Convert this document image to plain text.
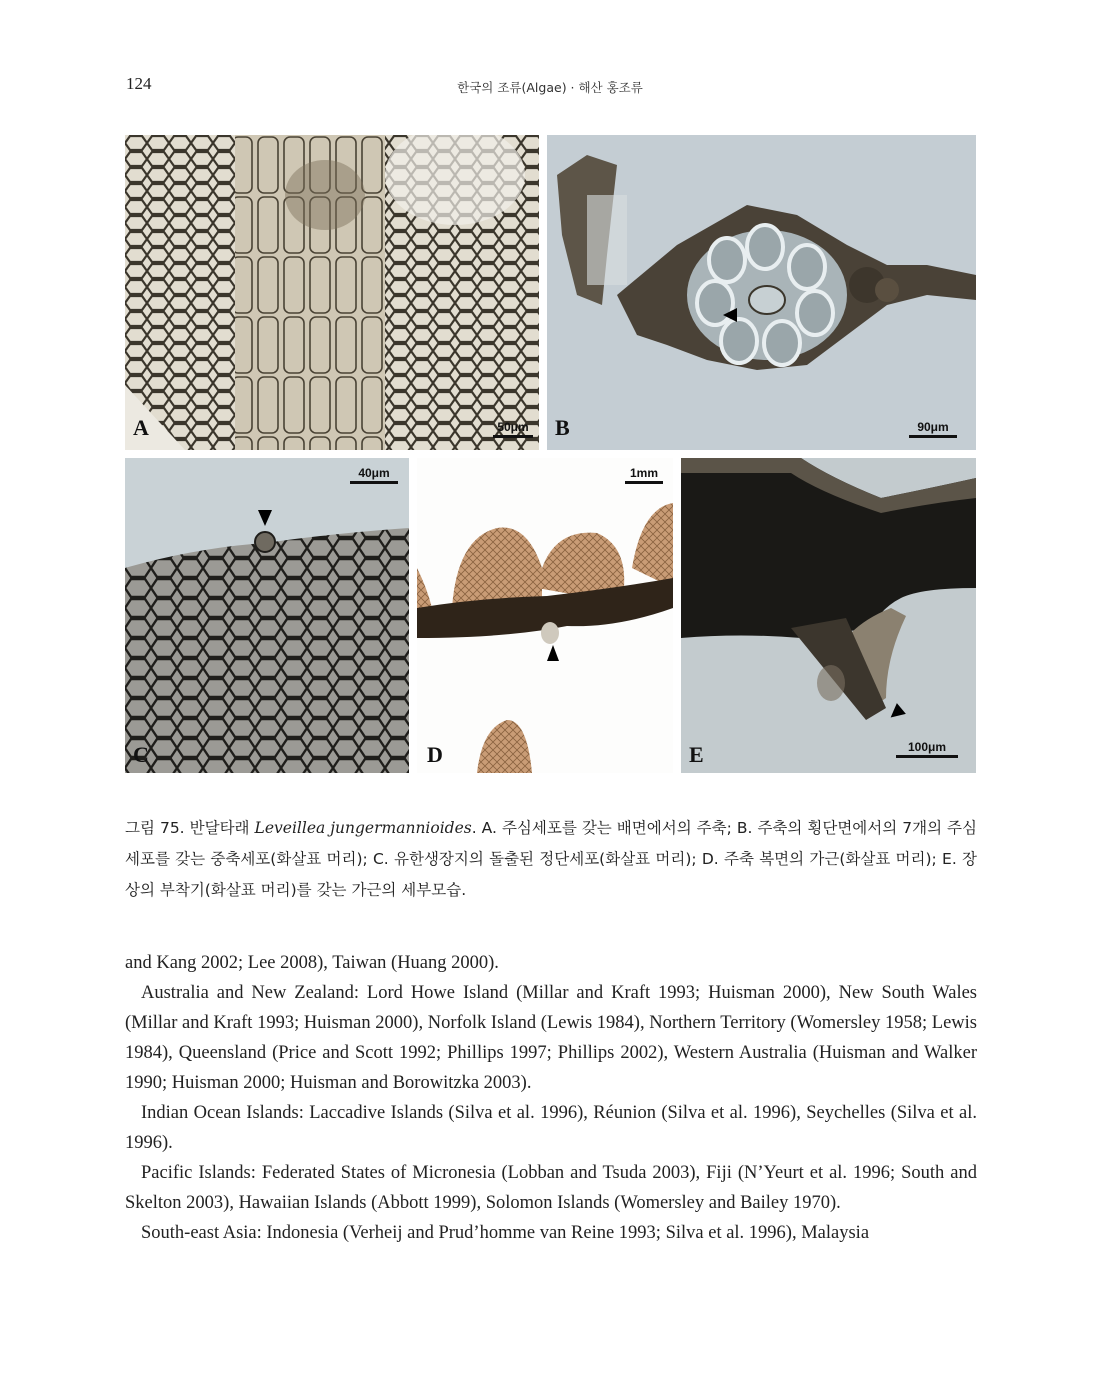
124	한국의 조류(Algae) · 해산 홍조류
A	50μm B	90μm
C
40μm
D
1mm
E	100μm

그림 75. 반달타래 Leveillea jungermannioides. A. 주심세포를 갖는 배면에서의 주축; B. 주축의 횡단면에서의 7개의 주심세포를 갖는 중축세포(화살표 머리); C. 유한생장지의 돌출된 정단세포(화살표 머리); D. 주축 복면의 가근(화살표 머리); E. 장상의 부착기(화살표 머리)를 갖는 가근의 세부모습.

and Kang 2002; Lee 2008), Taiwan (Huang 2000).

Australia and New Zealand: Lord Howe Island (Millar and Kraft 1993; Huisman 2000), New South Wales (Millar and Kraft 1993; Huisman 2000), Norfolk Island (Lewis 1984), Northern Territory (Womersley 1958; Lewis 1984), Queensland (Price and Scott 1992; Phillips 1997; Phillips 2002), Western Australia (Huisman and Walker 1990; Huisman 2000; Huisman and Borowitzka 2003).

Indian Ocean Islands: Laccadive Islands (Silva et al. 1996), Réunion (Silva et al. 1996), Seychelles (Silva et al. 1996).

Pacific Islands: Federated States of Micronesia (Lobban and Tsuda 2003), Fiji (N’Yeurt et al. 1996; South and Skelton 2003), Hawaiian Islands (Abbott 1999), Solomon Islands (Womersley and Bailey 1970).

South-east Asia: Indonesia (Verheij and Prud’homme van Reine 1993; Silva et al. 1996), Malaysia
